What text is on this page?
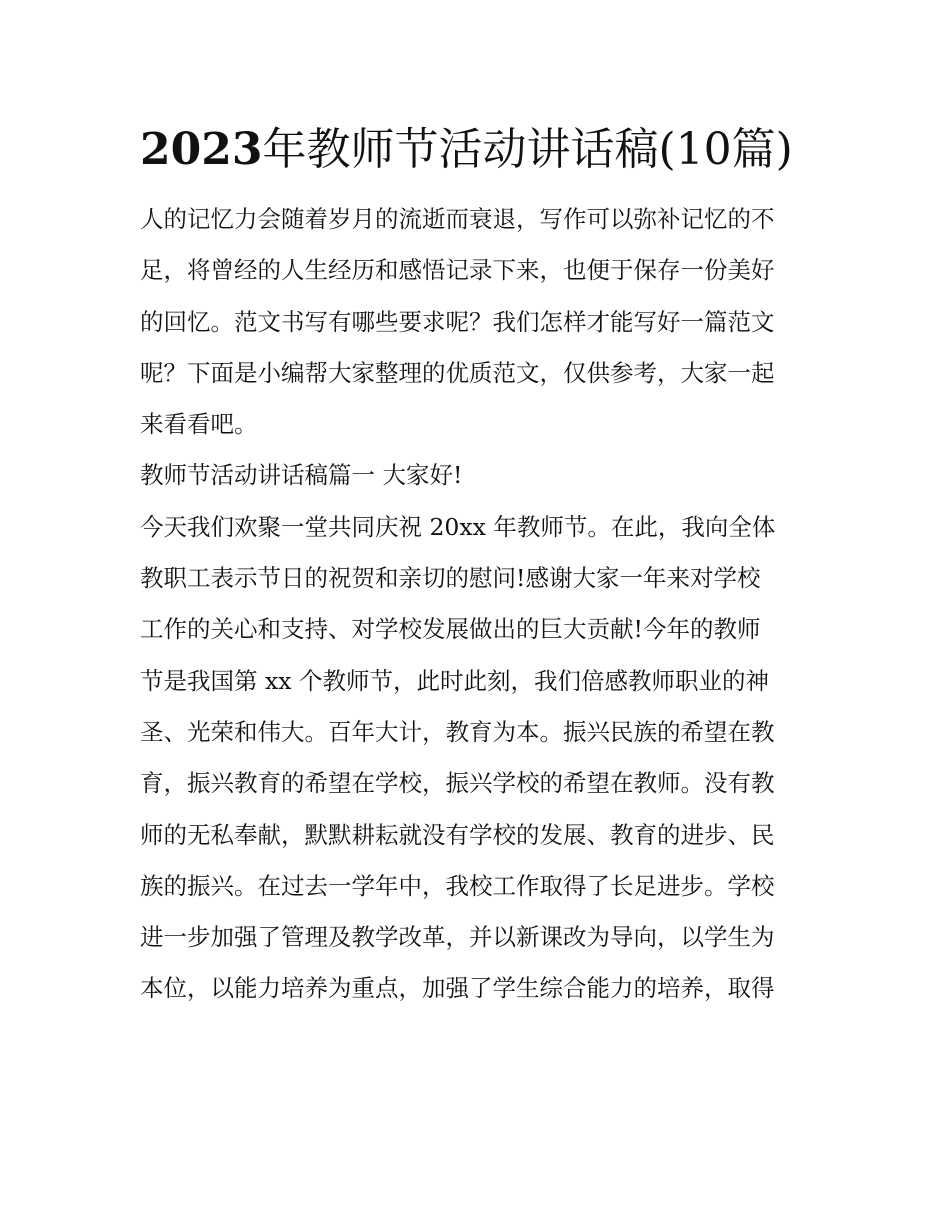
2023年教师节活动讲话稿(10篇)
人的记忆力会随着岁月的流逝而衰退，写作可以弥补记忆的不
足，将曾经的人生经历和感悟记录下来，也便于保存一份美好
的回忆。范文书写有哪些要求呢？我们怎样才能写好一篇范文
呢？下面是小编帮大家整理的优质范文，仅供参考，大家一起
来看看吧。
教师节活动讲话稿篇一 大家好!
今天我们欢聚一堂共同庆祝 20xx 年教师节。在此，我向全体
教职工表示节日的祝贺和亲切的慰问!感谢大家一年来对学校
工作的关心和支持、对学校发展做出的巨大贡献!今年的教师
节是我国第 xx 个教师节，此时此刻，我们倍感教师职业的神
圣、光荣和伟大。百年大计，教育为本。振兴民族的希望在教
育，振兴教育的希望在学校，振兴学校的希望在教师。没有教
师的无私奉献，默默耕耘就没有学校的发展、教育的进步、民
族的振兴。在过去一学年中，我校工作取得了长足进步。学校
进一步加强了管理及教学改革，并以新课改为导向，以学生为
本位，以能力培养为重点，加强了学生综合能力的培养，取得
